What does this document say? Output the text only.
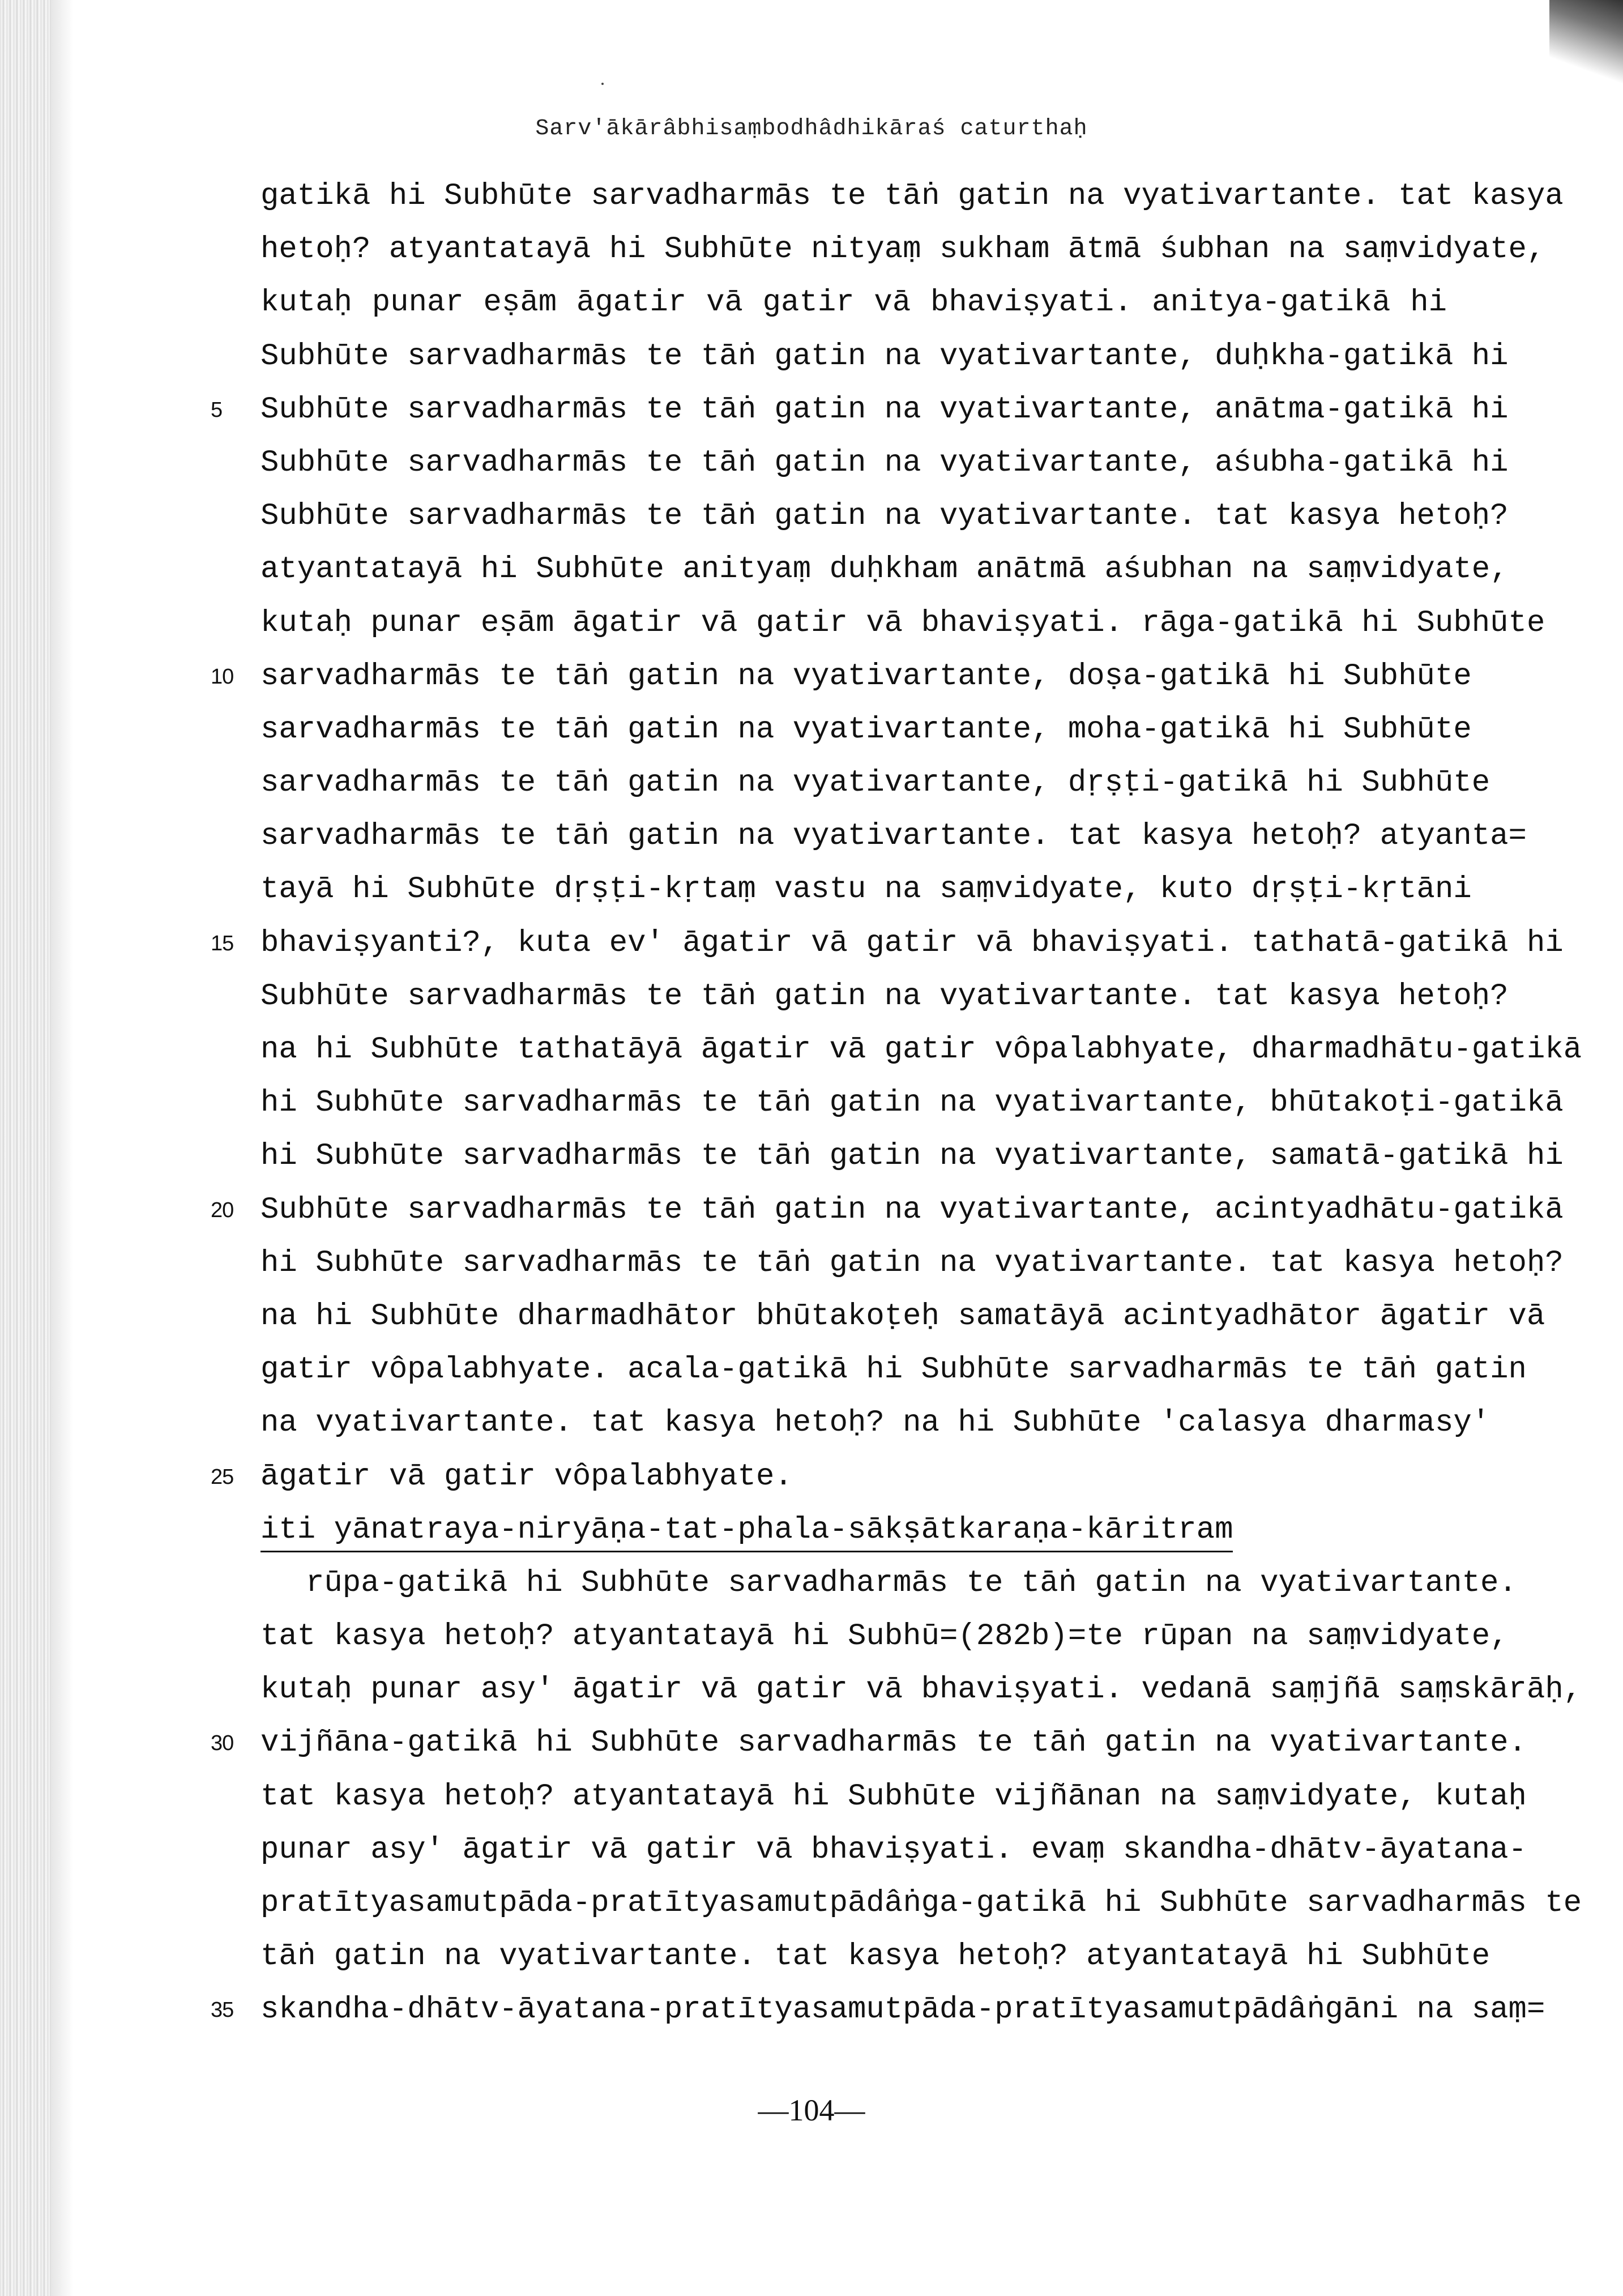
Sarv'ākārâbhisaṃbodhâdhikāraś caturthaḥ
gatikā hi Subhūte sarvadharmās te tāṅ gatin na vyativartante. tat kasya
hetoḥ? atyantatayā hi Subhūte nityaṃ sukham ātmā śubhan na saṃvidyate,
kutaḥ punar eṣām āgatir vā gatir vā bhaviṣyati. anitya-gatikā hi
Subhūte sarvadharmās te tāṅ gatin na vyativartante, duḥkha-gatikā hi
5	Subhūte sarvadharmās te tāṅ gatin na vyativartante, anātma-gatikā hi
Subhūte sarvadharmās te tāṅ gatin na vyativartante, aśubha-gatikā hi
Subhūte sarvadharmās te tāṅ gatin na vyativartante. tat kasya hetoḥ?
atyantatayā hi Subhūte anityaṃ duḥkham anātmā aśubhan na saṃvidyate,
kutaḥ punar eṣām āgatir vā gatir vā bhaviṣyati. rāga-gatikā hi Subhūte
10 sarvadharmās te tāṅ gatin na vyativartante, doṣa-gatikā hi Subhūte
sarvadharmās te tāṅ gatin na vyativartante, moha-gatikā hi Subhūte
sarvadharmās te tāṅ gatin na vyativartante, dṛṣṭi-gatikā hi Subhūte
sarvadharmās te tāṅ gatin na vyativartante. tat kasya hetoḥ? atyanta=
tayā hi Subhūte dṛṣṭi-kṛtaṃ vastu na saṃvidyate, kuto dṛṣṭi-kṛtāni
15 bhaviṣyanti?, kuta ev' āgatir vā gatir vā bhaviṣyati. tathatā-gatikā hi
Subhūte sarvadharmās te tāṅ gatin na vyativartante. tat kasya hetoḥ?
na hi Subhūte tathatāyā āgatir vā gatir vôpalabhyate, dharmadhātu-gatikā
hi Subhūte sarvadharmās te tāṅ gatin na vyativartante, bhūtakoṭi-gatikā
hi Subhūte sarvadharmās te tāṅ gatin na vyativartante, samatā-gatikā hi
20 Subhūte sarvadharmās te tāṅ gatin na vyativartante, acintyadhātu-gatikā
hi Subhūte sarvadharmās te tāṅ gatin na vyativartante. tat kasya hetoḥ?
na hi Subhūte dharmadhātor bhūtakoṭeḥ samatāyā acintyadhātor āgatir vā
gatir vôpalabhyate. acala-gatikā hi Subhūte sarvadharmās te tāṅ gatin
na vyativartante. tat kasya hetoḥ? na hi Subhūte 'calasya dharmasy'
25 āgatir vā gatir vôpalabhyate.
iti yānatraya-niryāṇa-tat-phala-sākṣātkaraṇa-kāritram
rūpa-gatikā hi Subhūte sarvadharmās te tāṅ gatin na vyativartante.
tat kasya hetoḥ? atyantatayā hi Subhū=(282b)=te rūpan na saṃvidyate,
kutaḥ punar asy' āgatir vā gatir vā bhaviṣyati. vedanā saṃjñā saṃskārāḥ,
30 vijñāna-gatikā hi Subhūte sarvadharmās te tāṅ gatin na vyativartante.
tat kasya hetoḥ? atyantatayā hi Subhūte vijñānan na saṃvidyate, kutaḥ
punar asy' āgatir vā gatir vā bhaviṣyati. evaṃ skandha-dhātv-āyatana-
pratītyasamutpāda-pratītyasamutpādâṅga-gatikā hi Subhūte sarvadharmās te
tāṅ gatin na vyativartante. tat kasya hetoḥ? atyantatayā hi Subhūte
35 skandha-dhātv-āyatana-pratītyasamutpāda-pratītyasamutpādâṅgāni na saṃ=
—104—
